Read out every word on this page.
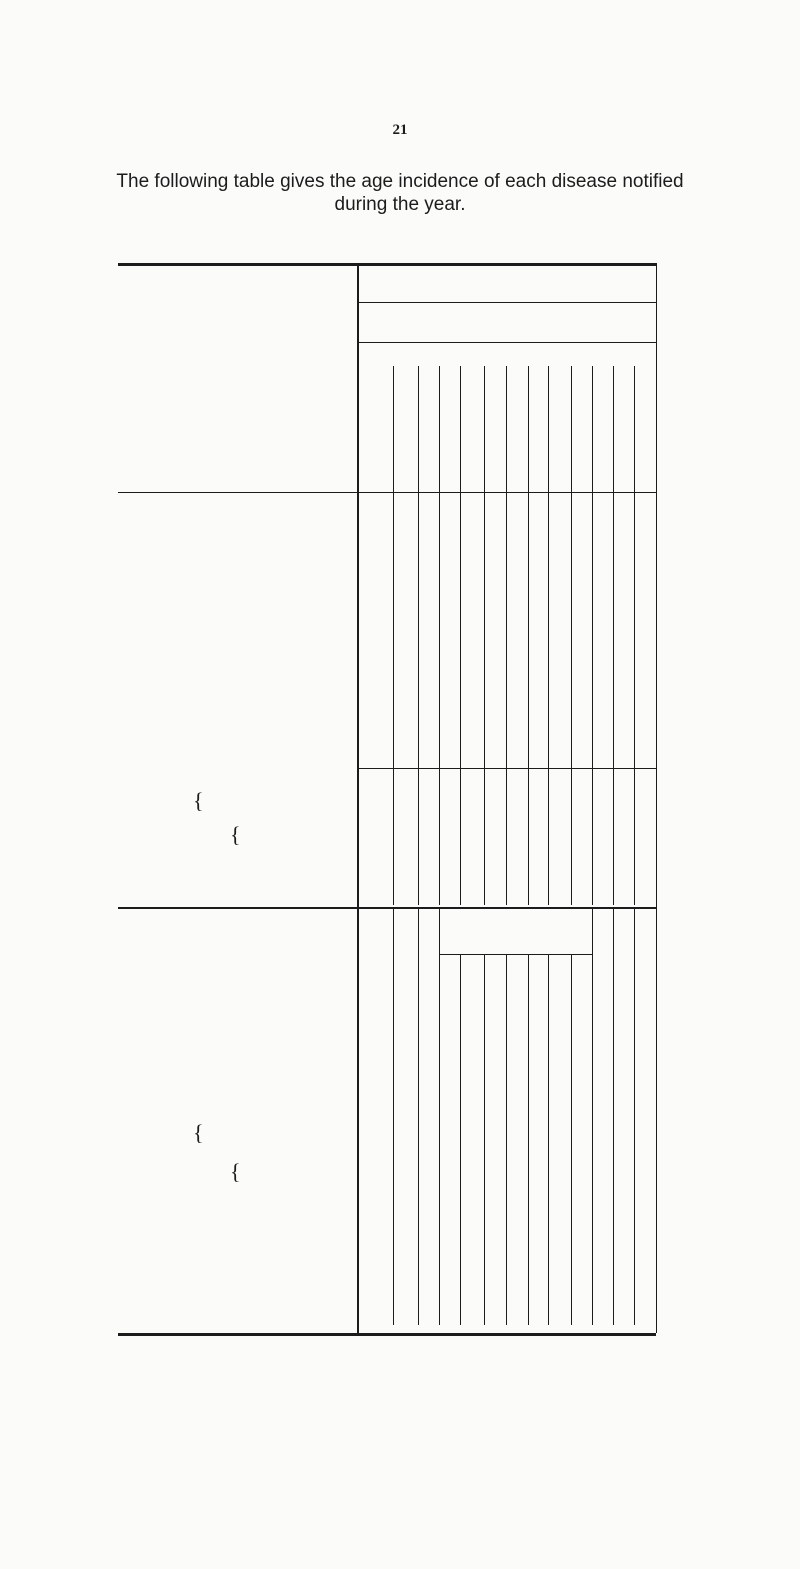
21
The following table gives the age incidence of each disease notified
during the year.
{
{
{
{
